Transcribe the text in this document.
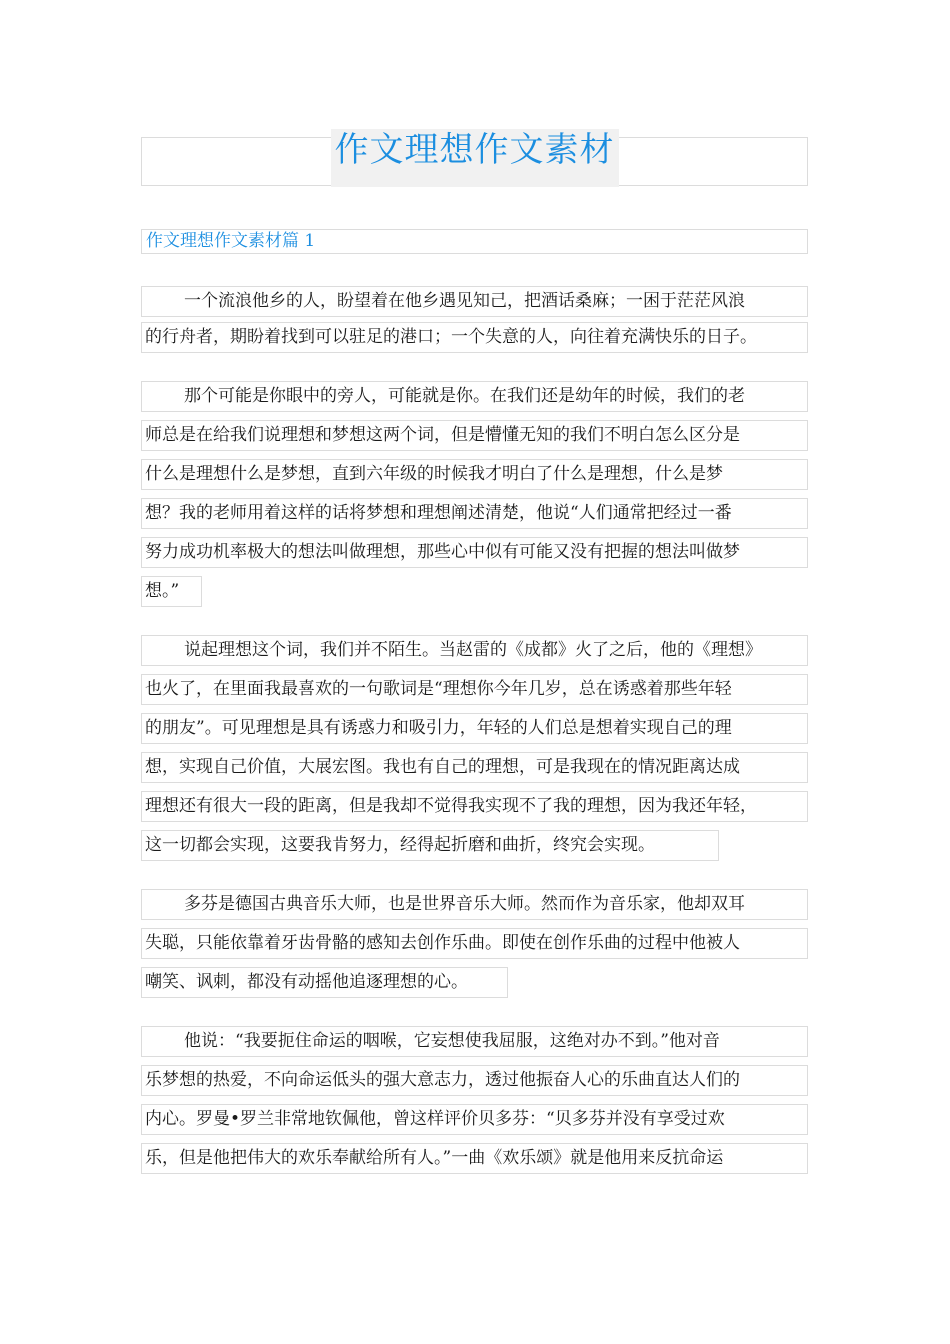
作文理想作文素材
作文理想作文素材篇 1
一个流浪他乡的人，盼望着在他乡遇见知己，把酒话桑麻；一困于茫茫风浪
的行舟者，期盼着找到可以驻足的港口；一个失意的人，向往着充满快乐的日子。
那个可能是你眼中的旁人，可能就是你。在我们还是幼年的时候，我们的老
师总是在给我们说理想和梦想这两个词，但是懵懂无知的我们不明白怎么区分是
什么是理想什么是梦想，直到六年级的时候我才明白了什么是理想，什么是梦
想？我的老师用着这样的话将梦想和理想阐述清楚，他说“人们通常把经过一番
努力成功机率极大的想法叫做理想，那些心中似有可能又没有把握的想法叫做梦
想。”
说起理想这个词，我们并不陌生。当赵雷的《成都》火了之后，他的《理想》
也火了，在里面我最喜欢的一句歌词是“理想你今年几岁，总在诱惑着那些年轻
的朋友”。可见理想是具有诱惑力和吸引力，年轻的人们总是想着实现自己的理
想，实现自己价值，大展宏图。我也有自己的理想，可是我现在的情况距离达成
理想还有很大一段的距离，但是我却不觉得我实现不了我的理想，因为我还年轻，
这一切都会实现，这要我肯努力，经得起折磨和曲折，终究会实现。
多芬是德国古典音乐大师，也是世界音乐大师。然而作为音乐家，他却双耳
失聪，只能依靠着牙齿骨骼的感知去创作乐曲。即使在创作乐曲的过程中他被人
嘲笑、讽刺，都没有动摇他追逐理想的心。
他说：“我要扼住命运的咽喉，它妄想使我屈服，这绝对办不到。”他对音
乐梦想的热爱，不向命运低头的强大意志力，透过他振奋人心的乐曲直达人们的
内心。罗曼•罗兰非常地钦佩他，曾这样评价贝多芬：“贝多芬并没有享受过欢
乐，但是他把伟大的欢乐奉献给所有人。”一曲《欢乐颂》就是他用来反抗命运
